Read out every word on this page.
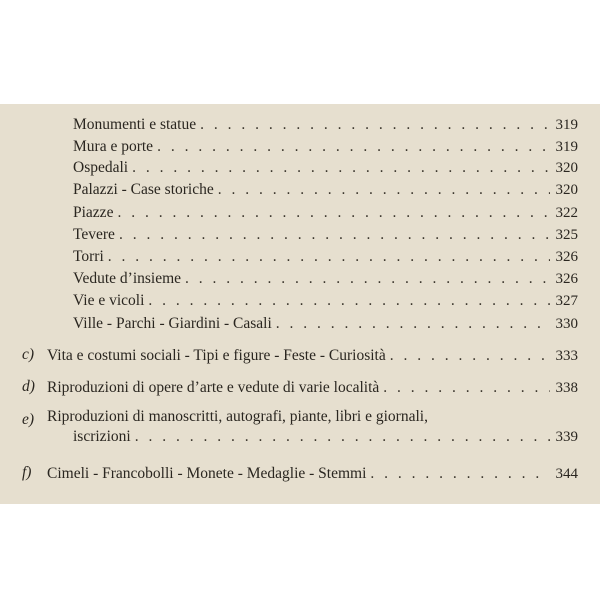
Monumenti e statue . . .	319
Mura e porte . . .	319
Ospedali . . .	320
Palazzi - Case storiche . . .	320
Piazze . . .	322
Tevere . . .	325
Torri . . .	326
Vedute d’insieme . . .	326
Vie e vicoli . . .	327
Ville - Parchi - Giardini - Casali . . .	330
c) Vita e costumi sociali - Tipi e figure - Feste - Curiosità . . .	333
d) Riproduzioni di opere d’arte e vedute di varie località . . .	338
e) Riproduzioni di manoscritti, autografi, piante, libri e giornali,
iscrizioni . . .	339
f) Cimeli - Francobolli - Monete - Medaglie - Stemmi . . .	344
